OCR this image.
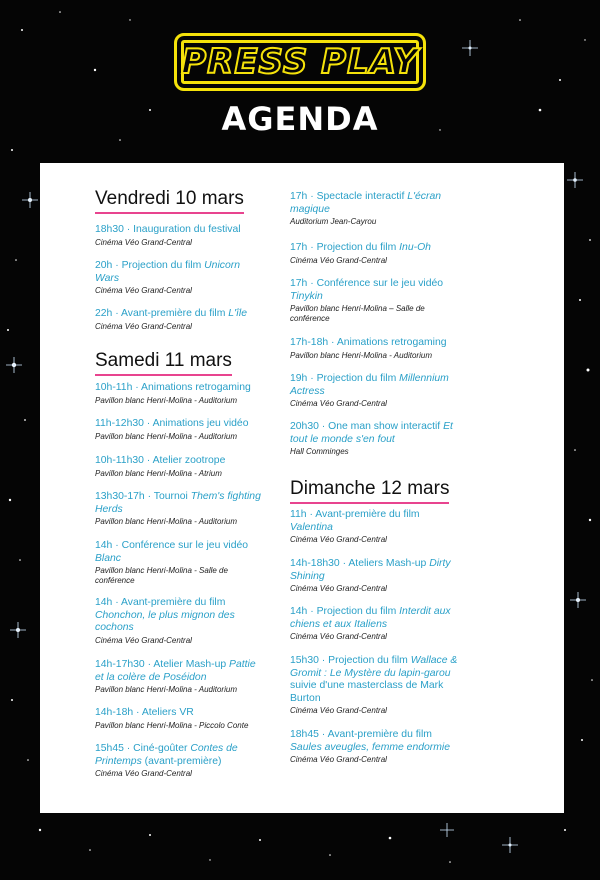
PRESS PLAY
AGENDA
Vendredi 10 mars
18h30 · Inauguration du festival
Cinéma Véo Grand-Central
20h · Projection du film Unicorn Wars
Cinéma Véo Grand-Central
22h · Avant-première du film L'île
Cinéma Véo Grand-Central
Samedi 11 mars
10h-11h · Animations retrogaming
Pavillon blanc Henri-Molina - Auditorium
11h-12h30 · Animations jeu vidéo
Pavillon blanc Henri-Molina - Auditorium
10h-11h30 · Atelier zootrope
Pavillon blanc Henri-Molina - Atrium
13h30-17h · Tournoi Them's fighting Herds
Pavillon blanc Henri-Molina - Auditorium
14h · Conférence sur le jeu vidéo Blanc
Pavillon blanc Henri-Molina - Salle de conférence
14h · Avant-première du film Chonchon, le plus mignon des cochons
Cinéma Véo Grand-Central
14h-17h30 · Atelier Mash-up Pattie et la colère de Poséidon
Pavillon blanc Henri-Molina - Auditorium
14h-18h · Ateliers VR
Pavillon blanc Henri-Molina - Piccolo Conte
15h45 · Ciné-goûter Contes de Printemps (avant-première)
Cinéma Véo Grand-Central
17h · Spectacle interactif L'écran magique
Auditorium Jean-Cayrou
17h · Projection du film Inu-Oh
Cinéma Véo Grand-Central
17h · Conférence sur le jeu vidéo Tinykin
Pavillon blanc Henri-Molina – Salle de conférence
17h-18h · Animations retrogaming
Pavillon blanc Henri-Molina - Auditorium
19h · Projection du film Millennium Actress
Cinéma Véo Grand-Central
20h30 · One man show interactif Et tout le monde s'en fout
Hall Comminges
Dimanche 12 mars
11h · Avant-première du film Valentina
Cinéma Véo Grand-Central
14h-18h30 · Ateliers Mash-up Dirty Shining
Cinéma Véo Grand-Central
14h · Projection du film Interdit aux chiens et aux Italiens
Cinéma Véo Grand-Central
15h30 · Projection du film Wallace & Gromit : Le Mystère du lapin-garou suivie d'une masterclass de Mark Burton
Cinéma Véo Grand-Central
18h45 · Avant-première du film Saules aveugles, femme endormie
Cinéma Véo Grand-Central
